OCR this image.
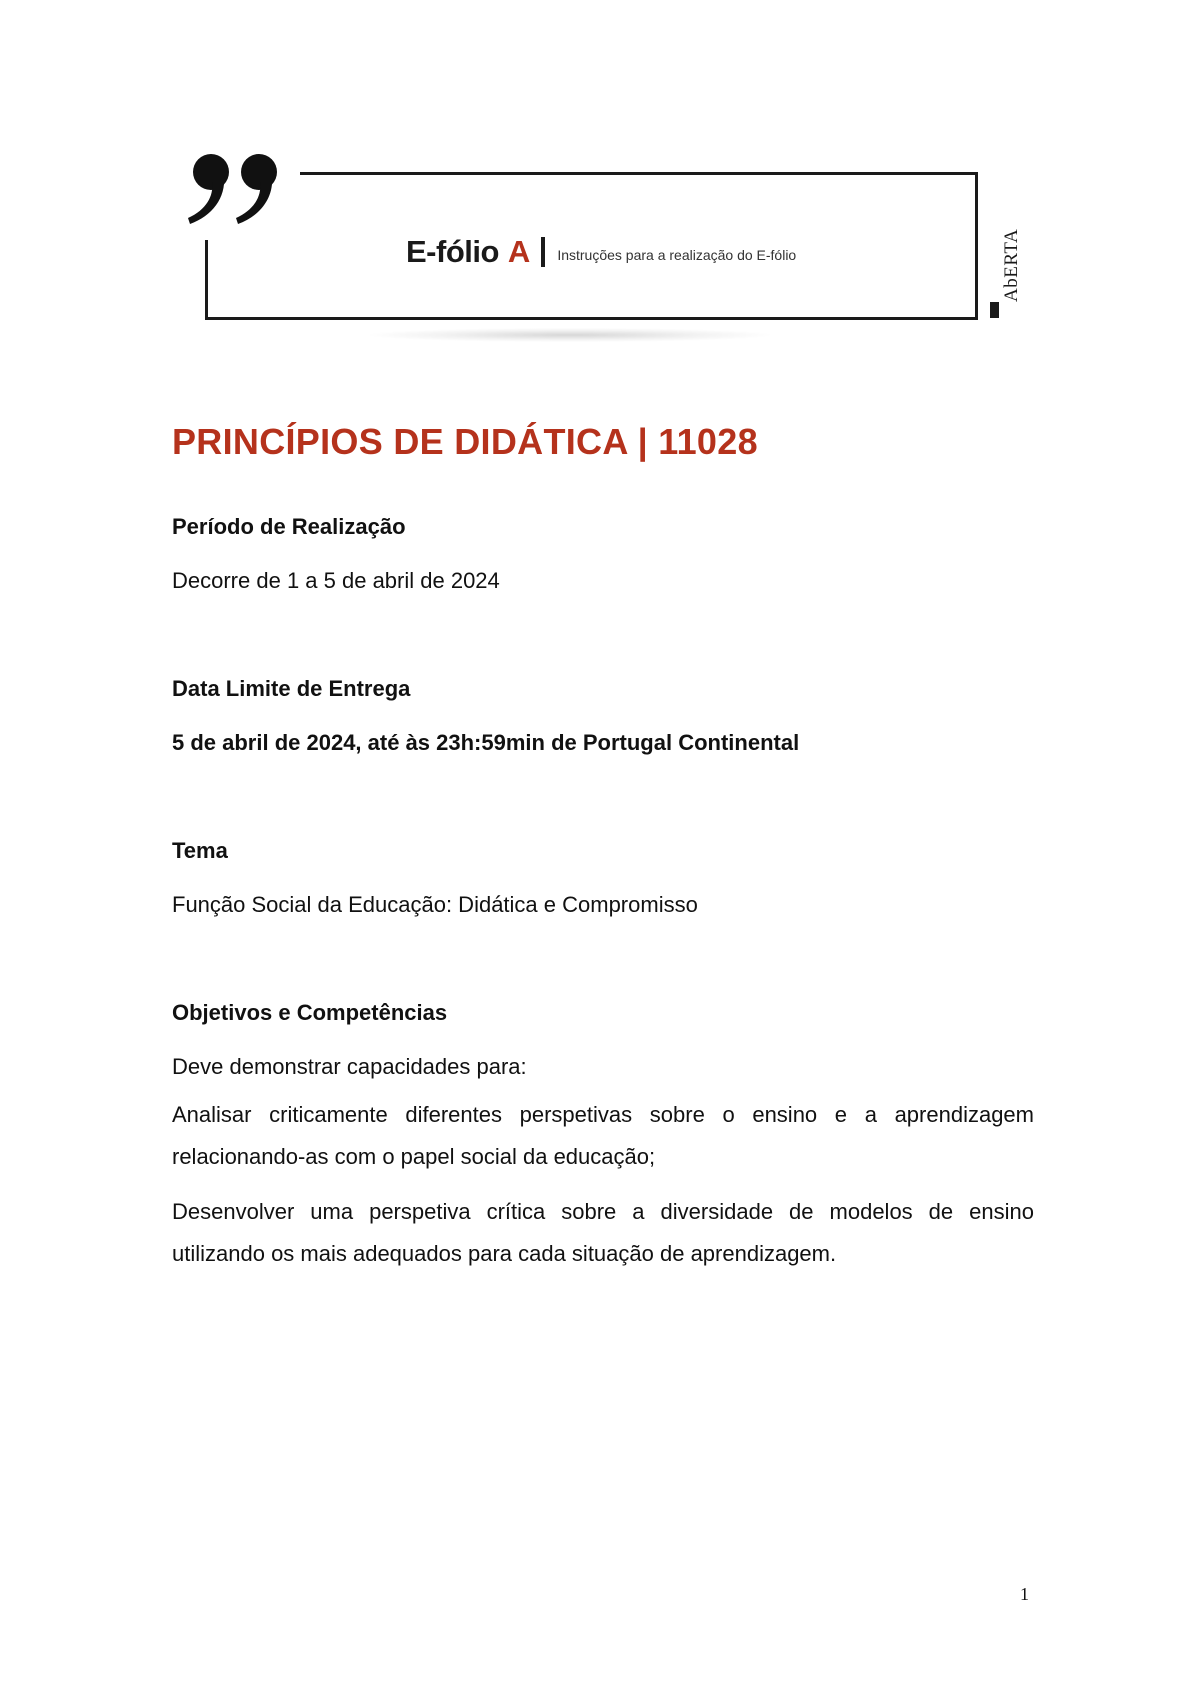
E-fólio A Instruções para a realização do E-fólio	AbERTA
PRINCÍPIOS DE DIDÁTICA | 11028
Período de Realização
Decorre de 1 a 5 de abril de 2024
Data Limite de Entrega
5 de abril de 2024, até às 23h:59min de Portugal Continental
Tema
Função Social da Educação: Didática e Compromisso
Objetivos e Competências
Deve demonstrar capacidades para:

Analisar criticamente diferentes perspetivas sobre o ensino e a aprendizagem relacionando-as com o papel social da educação;

Desenvolver uma perspetiva crítica sobre a diversidade de modelos de ensino utilizando os mais adequados para cada situação de aprendizagem.

1
